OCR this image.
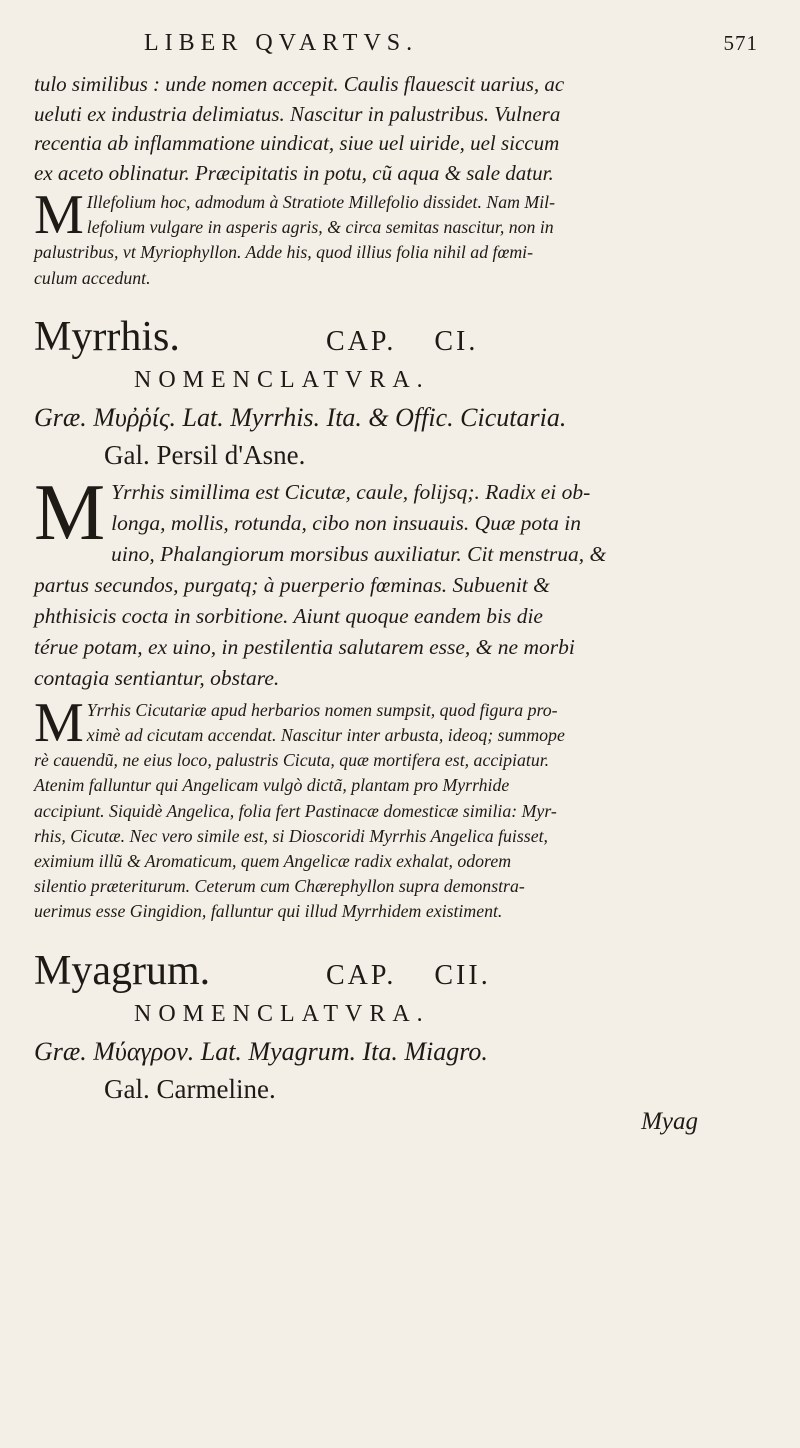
LIBER QVARTVS.	571

tulo similibus : unde nomen accepit. Caulis flauescit uarius, ac

ueluti ex industria delimiatus. Nascitur in palustribus. Vulnera

recentia ab inflammatione uindicat, siue uel uiride, uel siccum

ex aceto oblinatur. Præcipitatis in potu, cũ aqua & sale datur.

M Illefolium hoc, admodum à Stratiote Millefolio dissidet. Nam Mil-

lefolium vulgare in asperis agris, & circa semitas nascitur, non in

palustribus, vt Myriophyllon. Adde his, quod illius folia nihil ad fœmi-

culum accedunt.

Myrrhis.	CAP. CI.
NOMENCLATVRA.
Græ. Μυῤῥίς. Lat. Myrrhis. Ita. & Offic. Cicutaria.
Gal. Persil d'Asne.
M Yrrhis simillima est Cicutæ, caule, folijsq;. Radix ei ob-

longa, mollis, rotunda, cibo non insuauis. Quæ pota in

uino, Phalangiorum morsibus auxiliatur. Cit menstrua, &

partus secundos, purgatq; à puerperio fœminas. Subuenit &

phthisicis cocta in sorbitione. Aiunt quoque eandem bis die

térue potam, ex uino, in pestilentia salutarem esse, & ne morbi

contagia sentiantur, obstare.

M Yrrhis Cicutariæ apud herbarios nomen sumpsit, quod figura pro-

ximè ad cicutam accendat. Nascitur inter arbusta, ideoq; summope

rè cauendũ, ne eius loco, palustris Cicuta, quæ mortifera est, accipiatur.

Atenim falluntur qui Angelicam vulgò dictã, plantam pro Myrrhide

accipiunt. Siquidè Angelica, folia fert Pastinacæ domesticæ similia: Myr-

rhis, Cicutæ. Nec vero simile est, si Dioscoridi Myrrhis Angelica fuisset,

eximium illũ & Aromaticum, quem Angelicæ radix exhalat, odorem

silentio præteriturum. Ceterum cum Chærephyllon supra demonstra-

uerimus esse Gingidion, falluntur qui illud Myrrhidem existiment.

Myagrum.	CAP. CII.
NOMENCLATVRA.
Græ. Μύαγρον. Lat. Myagrum. Ita. Miagro.
Gal. Carmeline.
Myag
